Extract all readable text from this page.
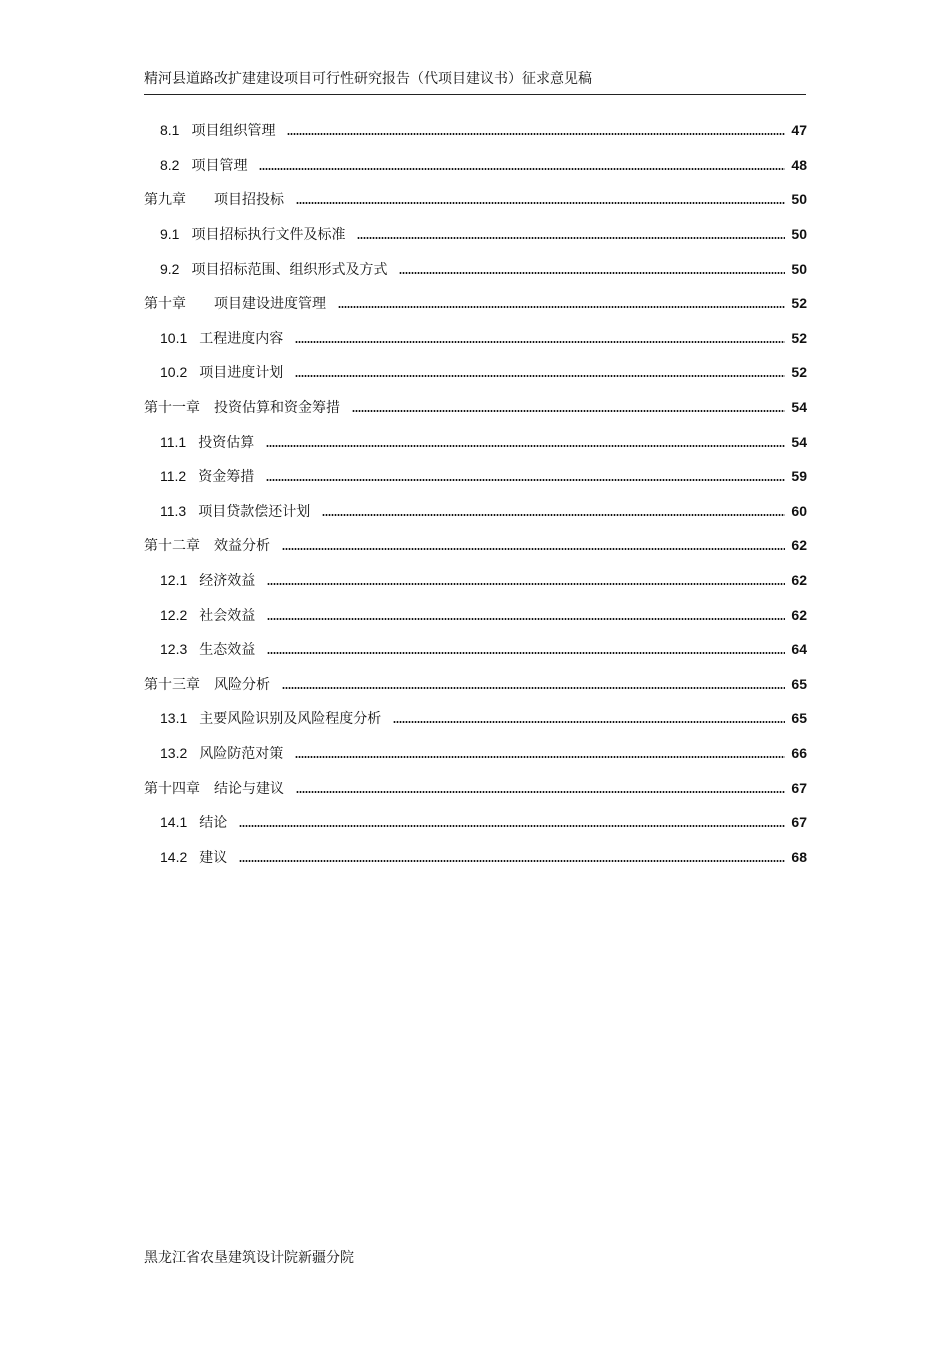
精河县道路改扩建建设项目可行性研究报告（代项目建议书）征求意见稿
8.1 项目组织管理	47
8.2 项目管理	48
第九章	项目招投标	50
9.1 项目招标执行文件及标准	50
9.2 项目招标范围、组织形式及方式	50
第十章	项目建设进度管理	52
10.1 工程进度内容	52
10.2 项目进度计划	52
第十一章	投资估算和资金筹措	54
11.1 投资估算	54
11.2 资金筹措	59
11.3 项目贷款偿还计划	60
第十二章	效益分析	62
12.1 经济效益	62
12.2 社会效益	62
12.3 生态效益	64
第十三章	风险分析	65
13.1 主要风险识别及风险程度分析	65
13.2 风险防范对策	66
第十四章	结论与建议	67
14.1 结论	67
14.2 建议	68
黑龙江省农垦建筑设计院新疆分院
